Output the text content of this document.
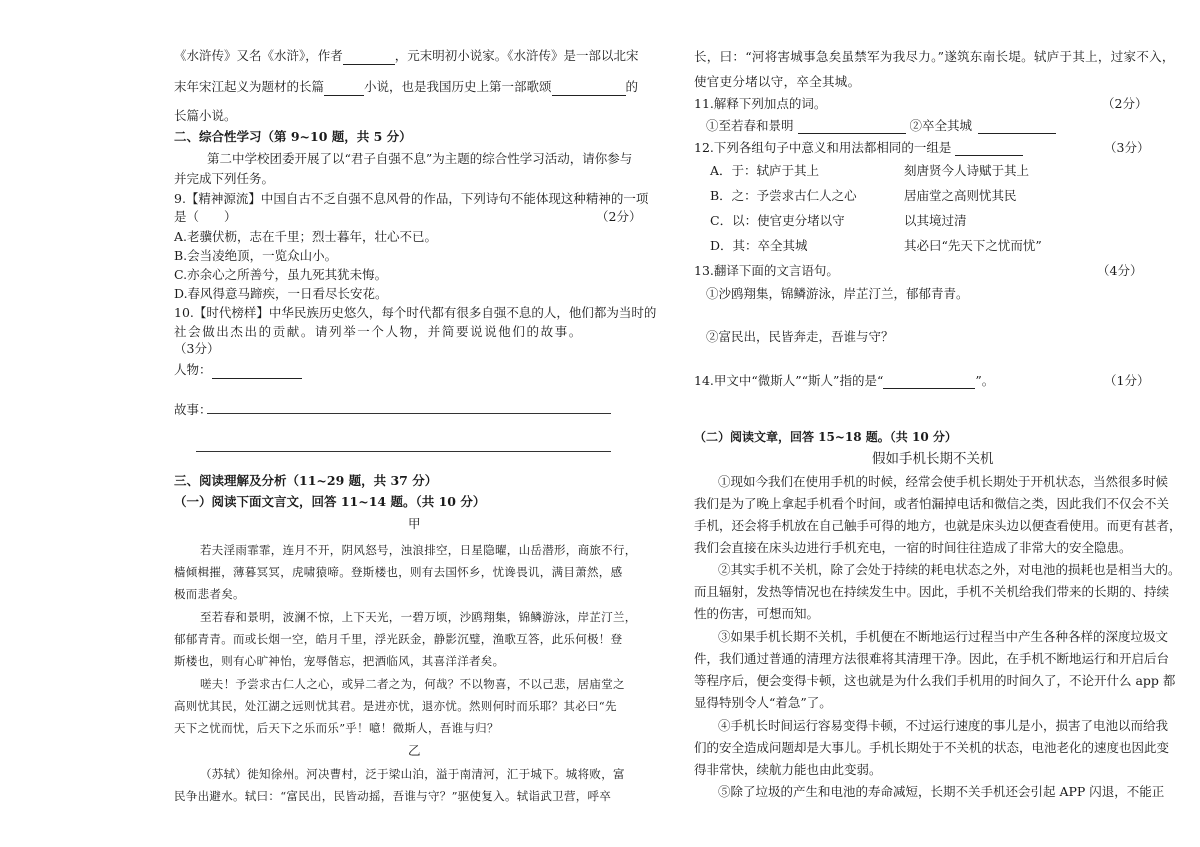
《水浒传》又名《水浒》，作者	，元末明初小说家。《水浒传》是一部以北宋
末年宋江起义为题材的长篇	小说，也是我国历史上第一部歌颂	的
长篇小说。
二、综合性学习（第 9~10 题，共 5 分）
第二中学校团委开展了以“君子自强不息”为主题的综合性学习活动，请你参与
并完成下列任务。
9.【精神源流】中国自古不乏自强不息风骨的作品，下列诗句不能体现这种精神的一项
是（　　）	（2分）
A.老骥伏枥，志在千里；烈士暮年，壮心不已。
B.会当凌绝顶，一览众山小。
C.亦余心之所善兮，虽九死其犹未悔。
D.春风得意马蹄疾，一日看尽长安花。
10.【时代榜样】中华民族历史悠久，每个时代都有很多自强不息的人，他们都为当时的
社会做出杰出的贡献。请列举一个人物，并简要说说他们的故事。
（3分）
人物：
故事：
三、阅读理解及分析（11~29 题，共 37 分）
（一）阅读下面文言文，回答 11~14 题。（共 10 分）
甲
若夫淫雨霏霏，连月不开，阴风怒号，浊浪排空，日星隐曜，山岳潜形，商旅不行，
樯倾楫摧，薄暮冥冥，虎啸猿啼。登斯楼也，则有去国怀乡，忧谗畏讥，满目萧然，感
极而悲者矣。
至若春和景明，波澜不惊，上下天光，一碧万顷，沙鸥翔集，锦鳞游泳，岸芷汀兰，
郁郁青青。而或长烟一空，皓月千里，浮光跃金，静影沉璧，渔歌互答，此乐何极！登
斯楼也，则有心旷神怡，宠辱偕忘，把酒临风，其喜洋洋者矣。
嗟夫！予尝求古仁人之心，或异二者之为，何哉？不以物喜，不以己悲，居庙堂之
高则忧其民，处江湖之远则忧其君。是进亦忧，退亦忧。然则何时而乐耶？其必曰“先
天下之忧而忧，后天下之乐而乐”乎！噫！微斯人，吾谁与归？
乙
（苏轼）徙知徐州。河决曹村，泛于梁山泊，溢于南清河，汇于城下。城将败，富
民争出避水。轼曰：“富民出，民皆动摇，吾谁与守？”驱使复入。轼诣武卫营，呼卒
长，曰：“河将害城事急矣虽禁军为我尽力。”遂筑东南长堤。轼庐于其上，过家不入，
使官吏分堵以守，卒全其城。
11.解释下列加点的词。	（2分）
①至若春和景明	②卒全其城
12.下列各组句子中意义和用法都相同的一组是	（3分）
A．于：轼庐于其上	刻唐贤今人诗赋于其上
B．之：予尝求古仁人之心	居庙堂之高则忧其民
C．以：使官吏分堵以守	以其境过清
D．其：卒全其城	其必曰“先天下之忧而忧”
13.翻译下面的文言语句。	（4分）
①沙鸥翔集，锦鳞游泳，岸芷汀兰，郁郁青青。
②富民出，民皆奔走，吾谁与守？
14.甲文中“微斯人”“斯人”指的是“	”。	（1分）
（二）阅读文章，回答 15~18 题。（共 10 分）
假如手机长期不关机
①现如今我们在使用手机的时候，经常会使手机长期处于开机状态，当然很多时候
我们是为了晚上拿起手机看个时间，或者怕漏掉电话和微信之类，因此我们不仅会不关
手机，还会将手机放在自己触手可得的地方，也就是床头边以便查看使用。而更有甚者，
我们会直接在床头边进行手机充电，一宿的时间往往造成了非常大的安全隐患。
②其实手机不关机，除了会处于持续的耗电状态之外，对电池的损耗也是相当大的。
而且辐射，发热等情况也在持续发生中。因此，手机不关机给我们带来的长期的、持续
性的伤害，可想而知。
③如果手机长期不关机，手机便在不断地运行过程当中产生各种各样的深度垃圾文
件，我们通过普通的清理方法很难将其清理干净。因此，在手机不断地运行和开启后台
等程序后，便会变得卡顿，这也就是为什么我们手机用的时间久了，不论开什么 app 都
显得特别令人“着急”了。
④手机长时间运行容易变得卡顿，不过运行速度的事儿是小，损害了电池以而给我
们的安全造成问题却是大事儿。手机长期处于不关机的状态，电池老化的速度也因此变
得非常快，续航力能也由此变弱。
⑤除了垃圾的产生和电池的寿命减短，长期不关手机还会引起 APP 闪退，不能正
